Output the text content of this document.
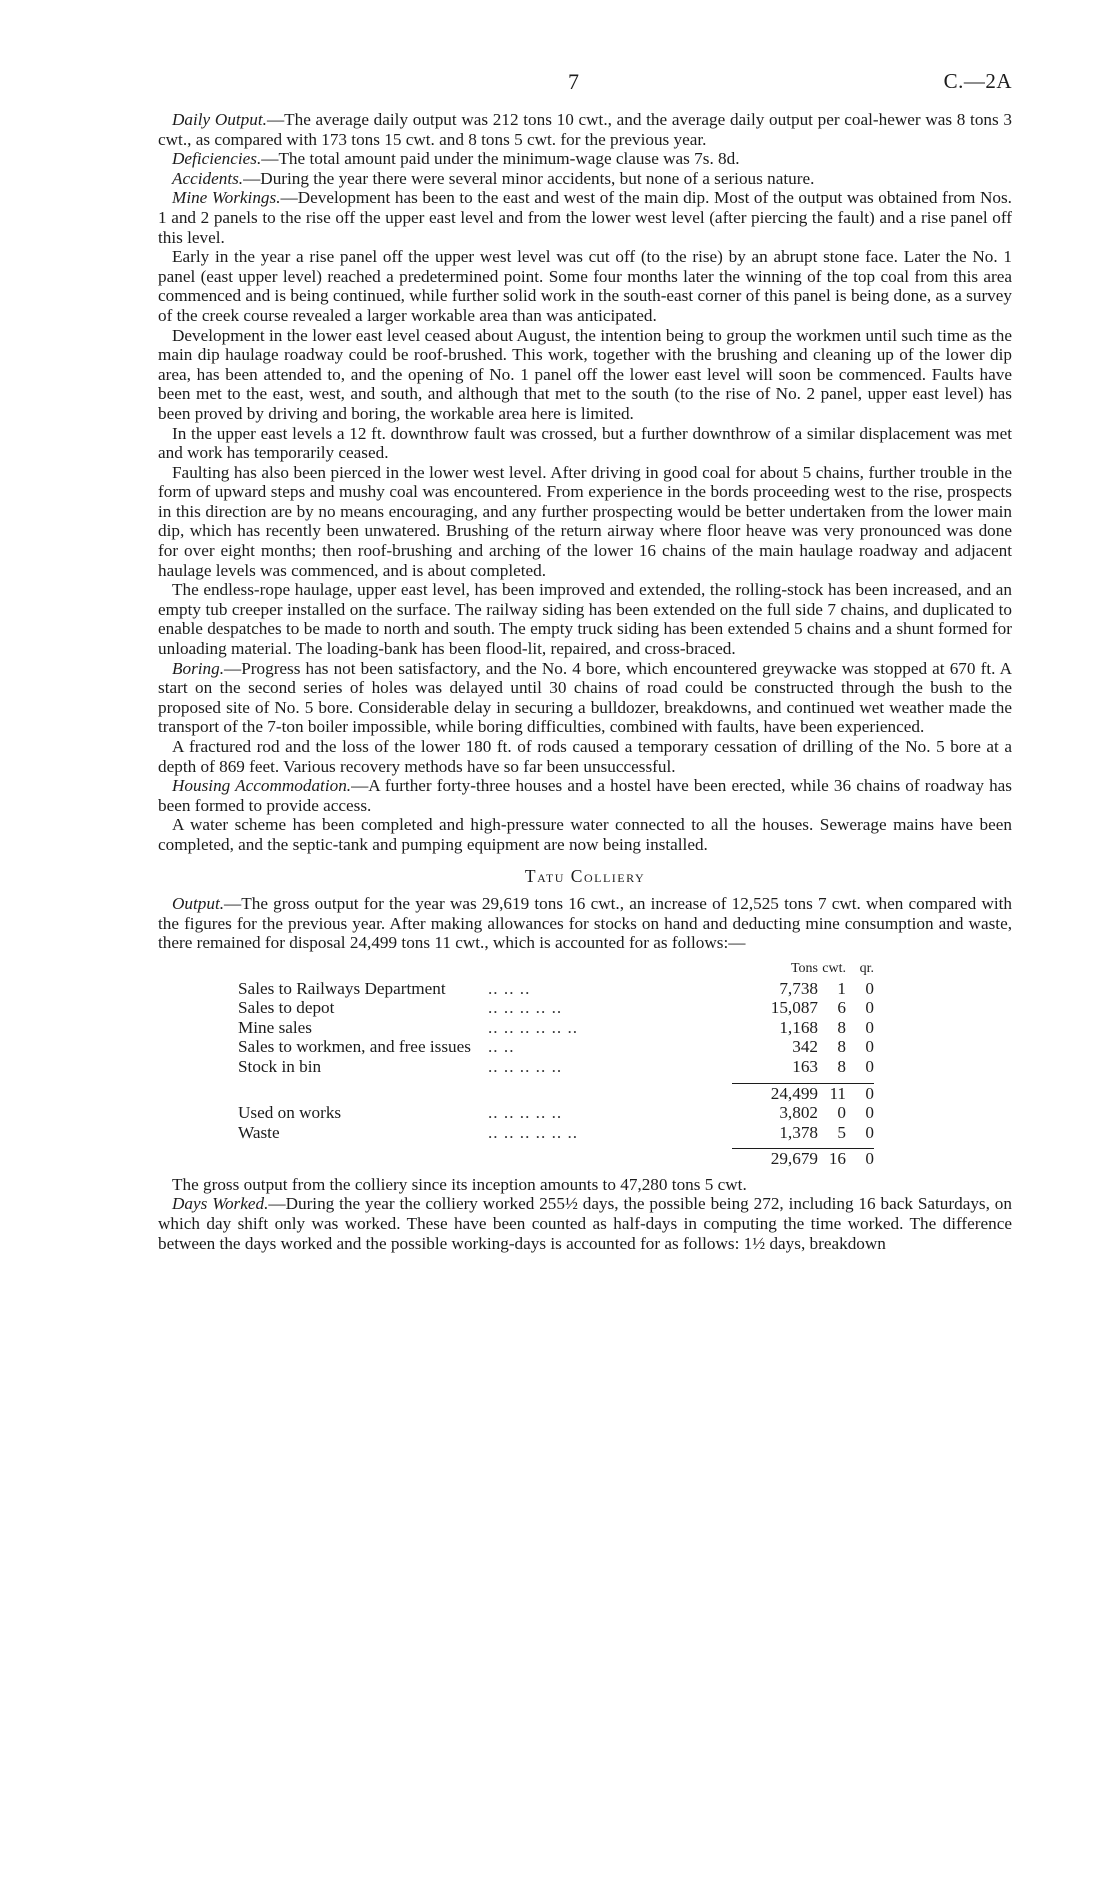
7	C.—2A

Daily Output.—The average daily output was 212 tons 10 cwt., and the average daily output per coal-hewer was 8 tons 3 cwt., as compared with 173 tons 15 cwt. and 8 tons 5 cwt. for the previous year.

Deficiencies.—The total amount paid under the minimum-wage clause was 7s. 8d.

Accidents.—During the year there were several minor accidents, but none of a serious nature.

Mine Workings.—Development has been to the east and west of the main dip. Most of the output was obtained from Nos. 1 and 2 panels to the rise off the upper east level and from the lower west level (after piercing the fault) and a rise panel off this level.

Early in the year a rise panel off the upper west level was cut off (to the rise) by an abrupt stone face. Later the No. 1 panel (east upper level) reached a predetermined point. Some four months later the winning of the top coal from this area commenced and is being continued, while further solid work in the south-east corner of this panel is being done, as a survey of the creek course revealed a larger workable area than was anticipated.

Development in the lower east level ceased about August, the intention being to group the workmen until such time as the main dip haulage roadway could be roof-brushed. This work, together with the brushing and cleaning up of the lower dip area, has been attended to, and the opening of No. 1 panel off the lower east level will soon be commenced. Faults have been met to the east, west, and south, and although that met to the south (to the rise of No. 2 panel, upper east level) has been proved by driving and boring, the workable area here is limited.

In the upper east levels a 12 ft. downthrow fault was crossed, but a further downthrow of a similar displacement was met and work has temporarily ceased.

Faulting has also been pierced in the lower west level. After driving in good coal for about 5 chains, further trouble in the form of upward steps and mushy coal was encountered. From experience in the bords proceeding west to the rise, prospects in this direction are by no means encouraging, and any further prospecting would be better undertaken from the lower main dip, which has recently been unwatered. Brushing of the return airway where floor heave was very pronounced was done for over eight months; then roof-brushing and arching of the lower 16 chains of the main haulage roadway and adjacent haulage levels was commenced, and is about completed.

The endless-rope haulage, upper east level, has been improved and extended, the rolling-stock has been increased, and an empty tub creeper installed on the surface. The railway siding has been extended on the full side 7 chains, and duplicated to enable despatches to be made to north and south. The empty truck siding has been extended 5 chains and a shunt formed for unloading material. The loading-bank has been flood-lit, repaired, and cross-braced.

Boring.—Progress has not been satisfactory, and the No. 4 bore, which encountered greywacke was stopped at 670 ft. A start on the second series of holes was delayed until 30 chains of road could be constructed through the bush to the proposed site of No. 5 bore. Considerable delay in securing a bulldozer, breakdowns, and continued wet weather made the transport of the 7-ton boiler impossible, while boring difficulties, combined with faults, have been experienced.

A fractured rod and the loss of the lower 180 ft. of rods caused a temporary cessation of drilling of the No. 5 bore at a depth of 869 feet. Various recovery methods have so far been unsuccessful.

Housing Accommodation.—A further forty-three houses and a hostel have been erected, while 36 chains of roadway has been formed to provide access.

A water scheme has been completed and high-pressure water connected to all the houses. Sewerage mains have been completed, and the septic-tank and pumping equipment are now being installed.

Tatu Colliery

Output.—The gross output for the year was 29,619 tons 16 cwt., an increase of 12,525 tons 7 cwt. when compared with the figures for the previous year. After making allowances for stocks on hand and deducting mine consumption and waste, there remained for disposal 24,499 tons 11 cwt., which is accounted for as follows:—

		Tons	cwt.	qr.
Sales to Railways Department	.. .. ..	7,738	1	0
Sales to depot	.. .. .. .. ..	15,087	6	0
Mine sales	.. .. .. .. .. ..	1,168	8	0
Sales to workmen, and free issues	.. ..	342	8	0
Stock in bin	.. .. .. .. ..	163	8	0

		24,499	11	0
Used on works	.. .. .. .. ..	3,802	0	0
Waste	.. .. .. .. .. ..	1,378	5	0

		29,679	16	0

The gross output from the colliery since its inception amounts to 47,280 tons 5 cwt.

Days Worked.—During the year the colliery worked 255½ days, the possible being 272, including 16 back Saturdays, on which day shift only was worked. These have been counted as half-days in computing the time worked. The difference between the days worked and the possible working-days is accounted for as follows: 1½ days, breakdown
